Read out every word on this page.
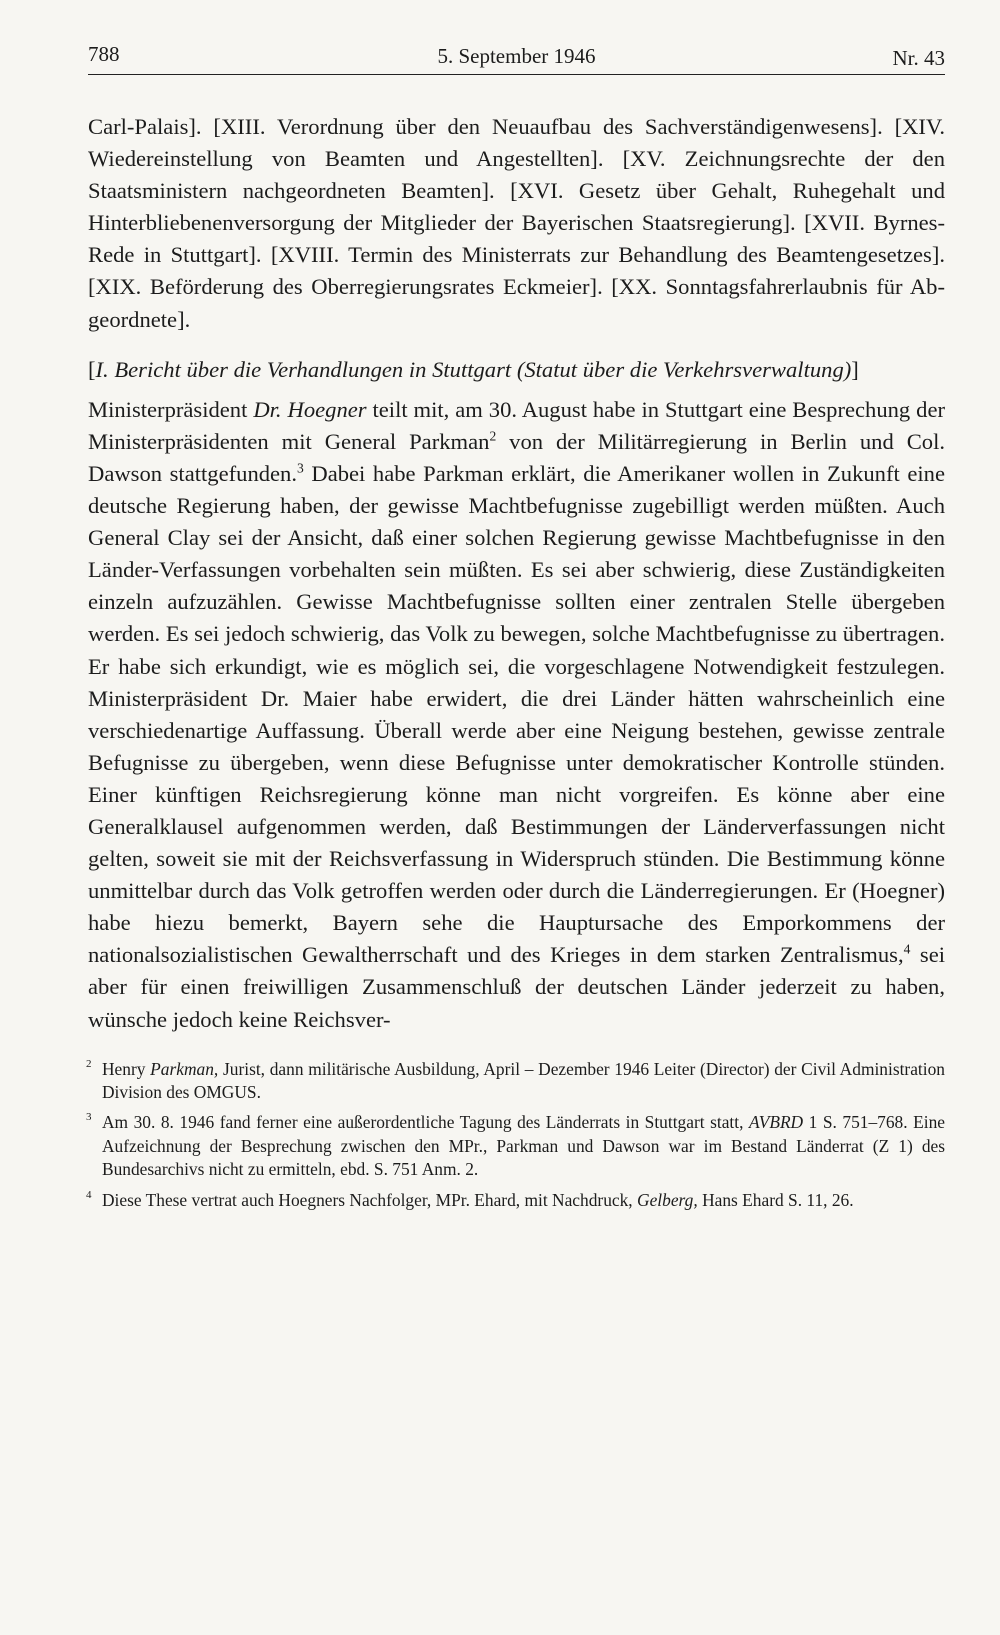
788	5. September 1946	Nr. 43

Carl-Palais]. [XIII. Verordnung über den Neuaufbau des Sachverständigenwesens]. [XIV. Wiedereinstellung von Beamten und Angestellten]. [XV. Zeichnungsrechte der den Staatsministern nachgeordneten Beamten]. [XVI. Gesetz über Gehalt, Ruhegehalt und Hinterbliebenenversorgung der Mitglieder der Bayerischen Staatsregierung]. [XVII. Byrnes-Rede in Stuttgart]. [XVIII. Termin des Ministerrats zur Behandlung des Beamtengesetzes]. [XIX. Beförderung des Oberregierungsrates Eckmeier]. [XX. Sonntagsfahrerlaubnis für Abgeordnete].

[I. Bericht über die Verhandlungen in Stuttgart (Statut über die Verkehrsverwaltung)]

Ministerpräsident Dr. Hoegner teilt mit, am 30. August habe in Stuttgart eine Besprechung der Ministerpräsidenten mit General Parkman$^2$ von der Militärregierung in Berlin und Col. Dawson stattgefunden.$^3$ Dabei habe Parkman erklärt, die Amerikaner wollen in Zukunft eine deutsche Regierung haben, der gewisse Machtbefugnisse zugebilligt werden müßten. Auch General Clay sei der Ansicht, daß einer solchen Regierung gewisse Machtbefugnisse in den Länder-Verfassungen vorbehalten sein müßten. Es sei aber schwierig, diese Zuständigkeiten einzeln aufzuzählen. Gewisse Machtbefugnisse sollten einer zentralen Stelle übergeben werden. Es sei jedoch schwierig, das Volk zu bewegen, solche Machtbefugnisse zu übertragen. Er habe sich erkundigt, wie es möglich sei, die vorgeschlagene Notwendigkeit festzulegen. Ministerpräsident Dr. Maier habe erwidert, die drei Länder hätten wahrscheinlich eine verschiedenartige Auffassung. Überall werde aber eine Neigung bestehen, gewisse zentrale Befugnisse zu übergeben, wenn diese Befugnisse unter demokratischer Kontrolle stünden. Einer künftigen Reichsregierung könne man nicht vorgreifen. Es könne aber eine Generalklausel aufgenommen werden, daß Bestimmungen der Länderverfassungen nicht gelten, soweit sie mit der Reichsverfassung in Widerspruch stünden. Die Bestimmung könne unmittelbar durch das Volk getroffen werden oder durch die Länderregierungen. Er (Hoegner) habe hiezu bemerkt, Bayern sehe die Hauptursache des Emporkommens der nationalsozialistischen Gewaltherrschaft und des Krieges in dem starken Zentralismus,$^4$ sei aber für einen freiwilligen Zusammenschluß der deutschen Länder jederzeit zu haben, wünsche jedoch keine Reichsver-

2 Henry Parkman, Jurist, dann militärische Ausbildung, April – Dezember 1946 Leiter (Director) der Civil Administration Division des OMGUS.
3 Am 30. 8. 1946 fand ferner eine außerordentliche Tagung des Länderrats in Stuttgart statt, AVBRD 1 S. 751–768. Eine Aufzeichnung der Besprechung zwischen den MPr., Parkman und Dawson war im Bestand Länderrat (Z 1) des Bundesarchivs nicht zu ermitteln, ebd. S. 751 Anm. 2.
4 Diese These vertrat auch Hoegners Nachfolger, MPr. Ehard, mit Nachdruck, Gelberg, Hans Ehard S. 11, 26.
